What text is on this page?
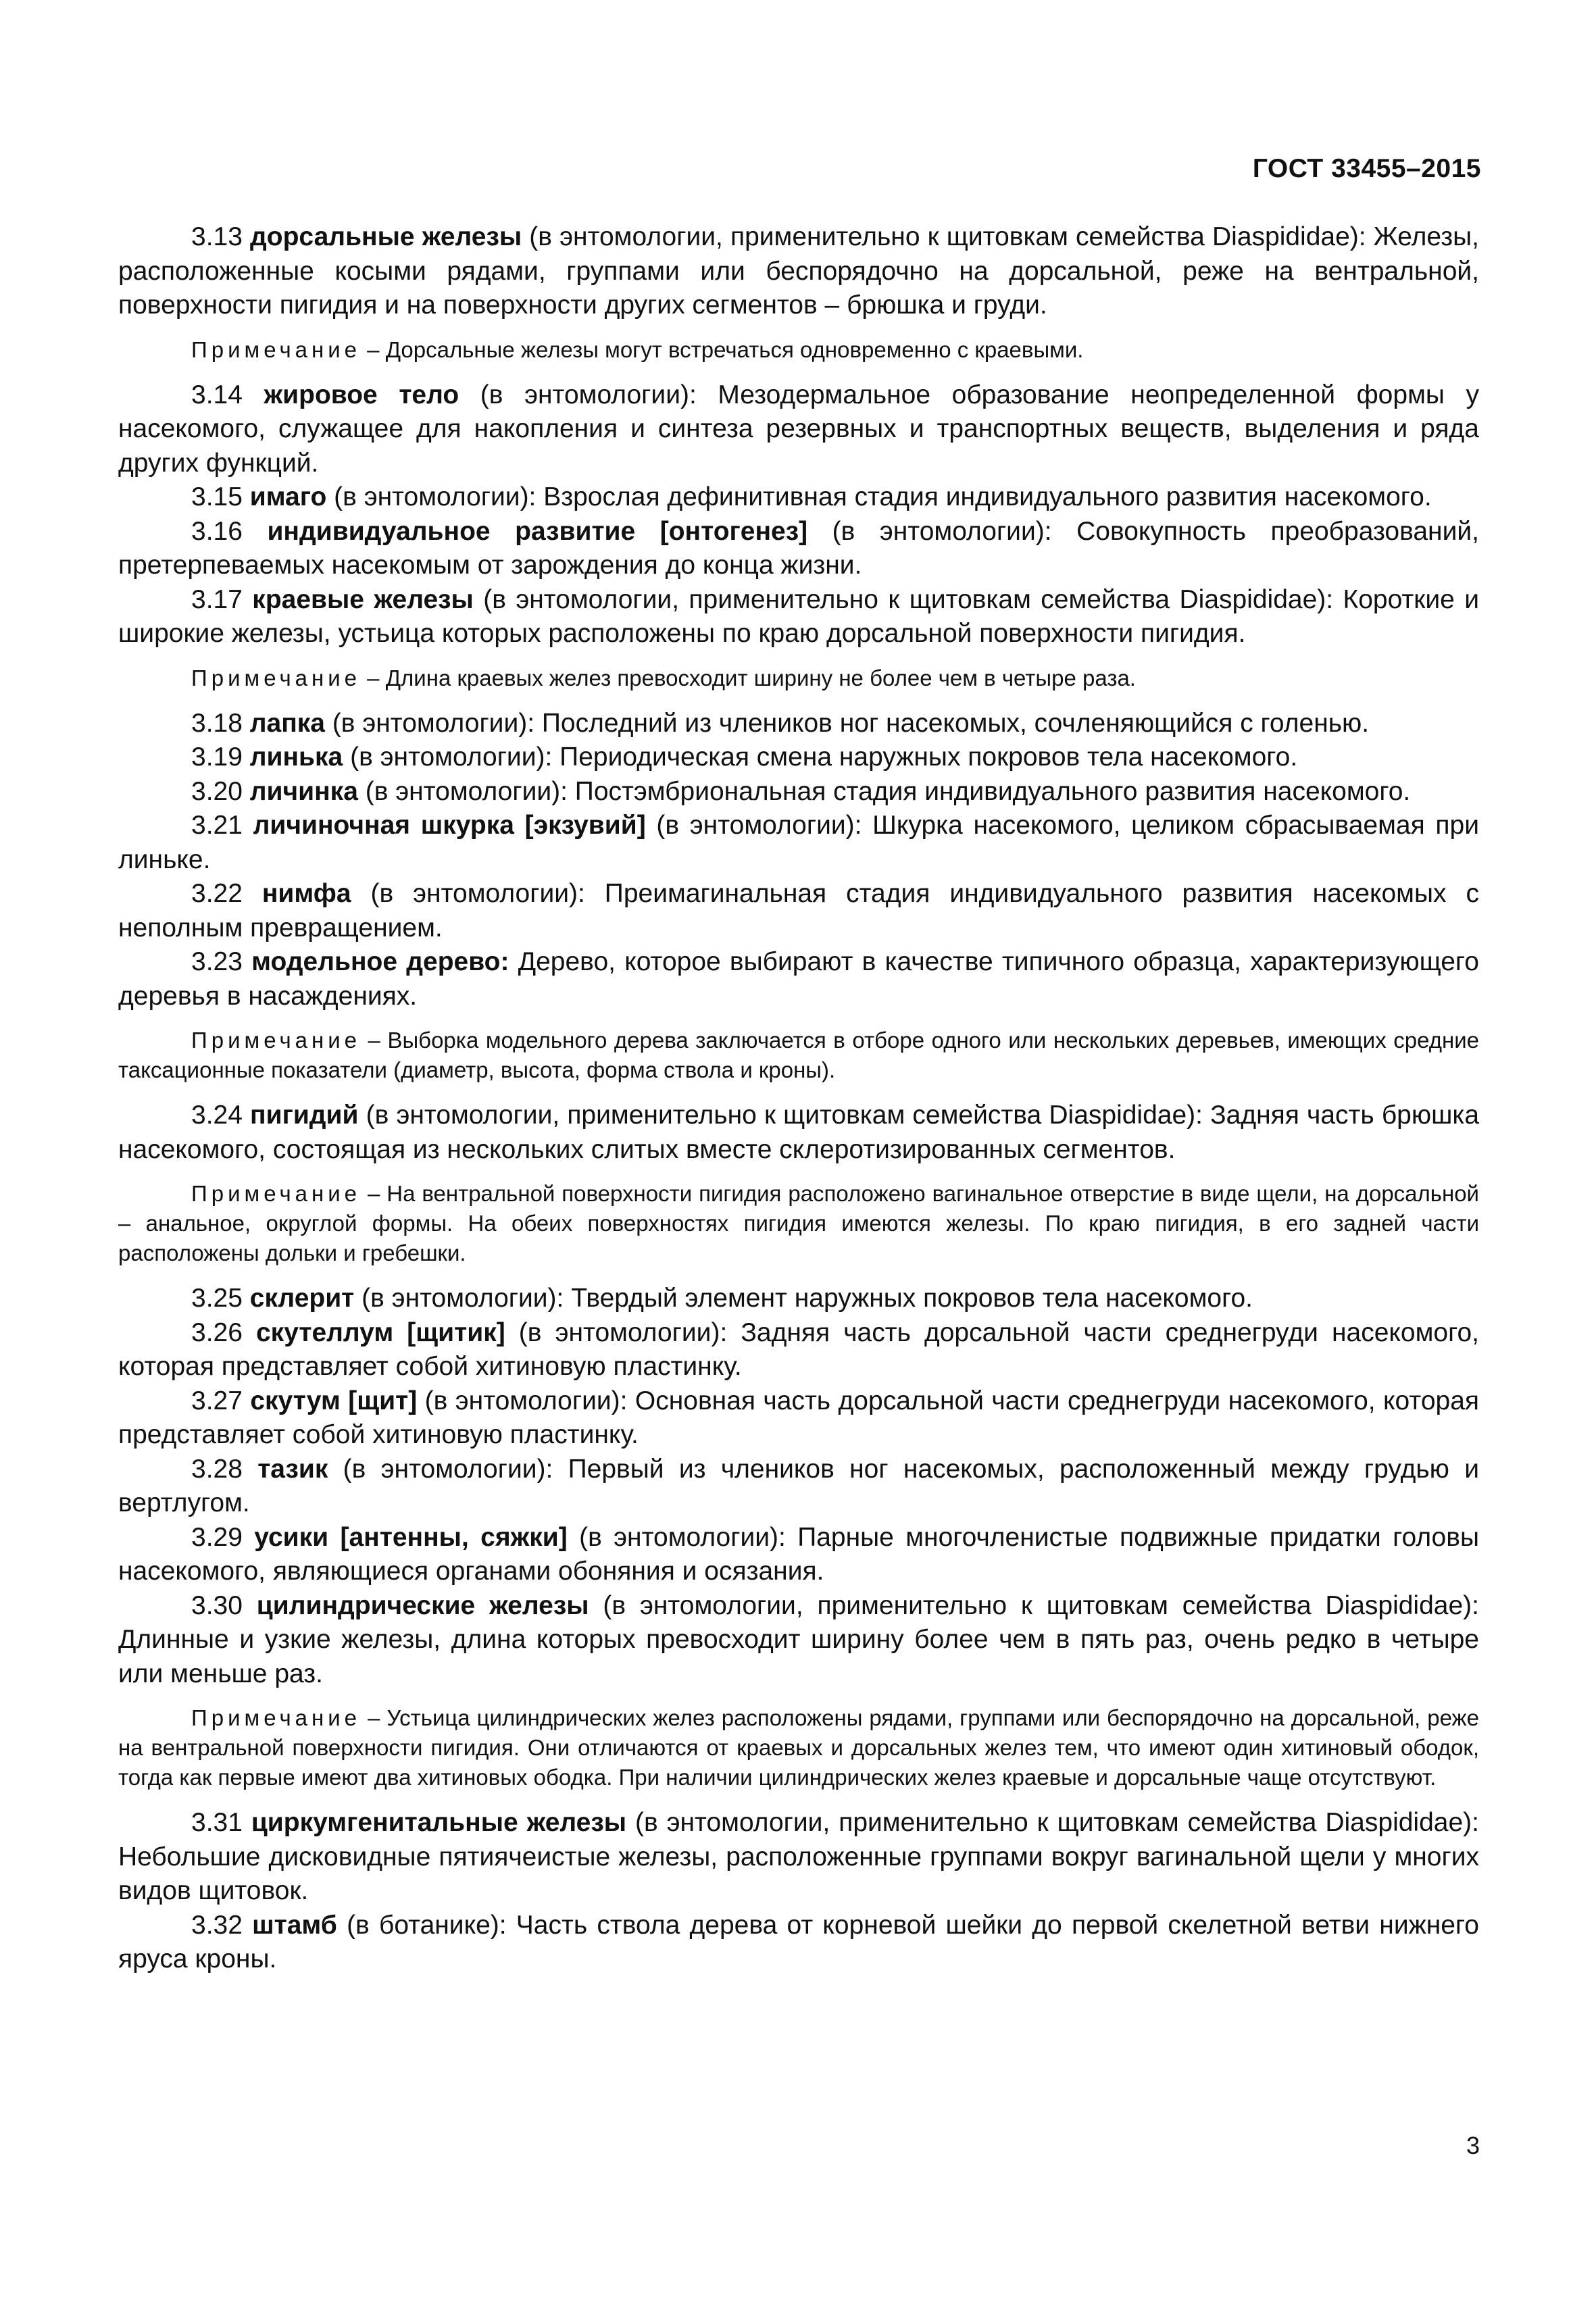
ГОСТ 33455–2015

3.13 дорсальные железы (в энтомологии, применительно к щитовкам семейства Diaspididae): Железы, расположенные косыми рядами, группами или беспорядочно на дорсальной, реже на вентральной, поверхности пигидия и на поверхности других сегментов – брюшка и груди.

Примечание – Дорсальные железы могут встречаться одновременно с краевыми.

3.14 жировое тело (в энтомологии): Мезодермальное образование неопределенной формы у насекомого, служащее для накопления и синтеза резервных и транспортных веществ, выделения и ряда других функций.

3.15 имаго (в энтомологии): Взрослая дефинитивная стадия индивидуального развития насекомого.

3.16 индивидуальное развитие [онтогенез] (в энтомологии): Совокупность преобразований, претерпеваемых насекомым от зарождения до конца жизни.

3.17 краевые железы (в энтомологии, применительно к щитовкам семейства Diaspididae): Короткие и широкие железы, устьица которых расположены по краю дорсальной поверхности пигидия.

Примечание – Длина краевых желез превосходит ширину не более чем в четыре раза.

3.18 лапка (в энтомологии): Последний из члеников ног насекомых, сочленяющийся с голенью.

3.19 линька (в энтомологии): Периодическая смена наружных покровов тела насекомого.

3.20 личинка (в энтомологии): Постэмбриональная стадия индивидуального развития насекомого.

3.21 личиночная шкурка [экзувий] (в энтомологии): Шкурка насекомого, целиком сбрасываемая при линьке.

3.22 нимфа (в энтомологии): Преимагинальная стадия индивидуального развития насекомых с неполным превращением.

3.23 модельное дерево: Дерево, которое выбирают в качестве типичного образца, характеризующего деревья в насаждениях.

Примечание – Выборка модельного дерева заключается в отборе одного или нескольких деревьев, имеющих средние таксационные показатели (диаметр, высота, форма ствола и кроны).

3.24 пигидий (в энтомологии, применительно к щитовкам семейства Diaspididae): Задняя часть брюшка насекомого, состоящая из нескольких слитых вместе склеротизированных сегментов.

Примечание – На вентральной поверхности пигидия расположено вагинальное отверстие в виде щели, на дорсальной – анальное, округлой формы. На обеих поверхностях пигидия имеются железы. По краю пигидия, в его задней части расположены дольки и гребешки.

3.25 склерит (в энтомологии): Твердый элемент наружных покровов тела насекомого.

3.26 скутеллум [щитик] (в энтомологии): Задняя часть дорсальной части среднегруди насекомого, которая представляет собой хитиновую пластинку.

3.27 скутум [щит] (в энтомологии): Основная часть дорсальной части среднегруди насекомого, которая представляет собой хитиновую пластинку.

3.28 тазик (в энтомологии): Первый из члеников ног насекомых, расположенный между грудью и вертлугом.

3.29 усики [антенны, сяжки] (в энтомологии): Парные многочленистые подвижные придатки головы насекомого, являющиеся органами обоняния и осязания.

3.30 цилиндрические железы (в энтомологии, применительно к щитовкам семейства Diaspididae): Длинные и узкие железы, длина которых превосходит ширину более чем в пять раз, очень редко в четыре или меньше раз.

Примечание – Устьица цилиндрических желез расположены рядами, группами или беспорядочно на дорсальной, реже на вентральной поверхности пигидия. Они отличаются от краевых и дорсальных желез тем, что имеют один хитиновый ободок, тогда как первые имеют два хитиновых ободка. При наличии цилиндрических желез краевые и дорсальные чаще отсутствуют.

3.31 циркумгенитальные железы (в энтомологии, применительно к щитовкам семейства Diaspididae): Небольшие дисковидные пятиячеистые железы, расположенные группами вокруг вагинальной щели у многих видов щитовок.

3.32 штамб (в ботанике): Часть ствола дерева от корневой шейки до первой скелетной ветви нижнего яруса кроны.

3
